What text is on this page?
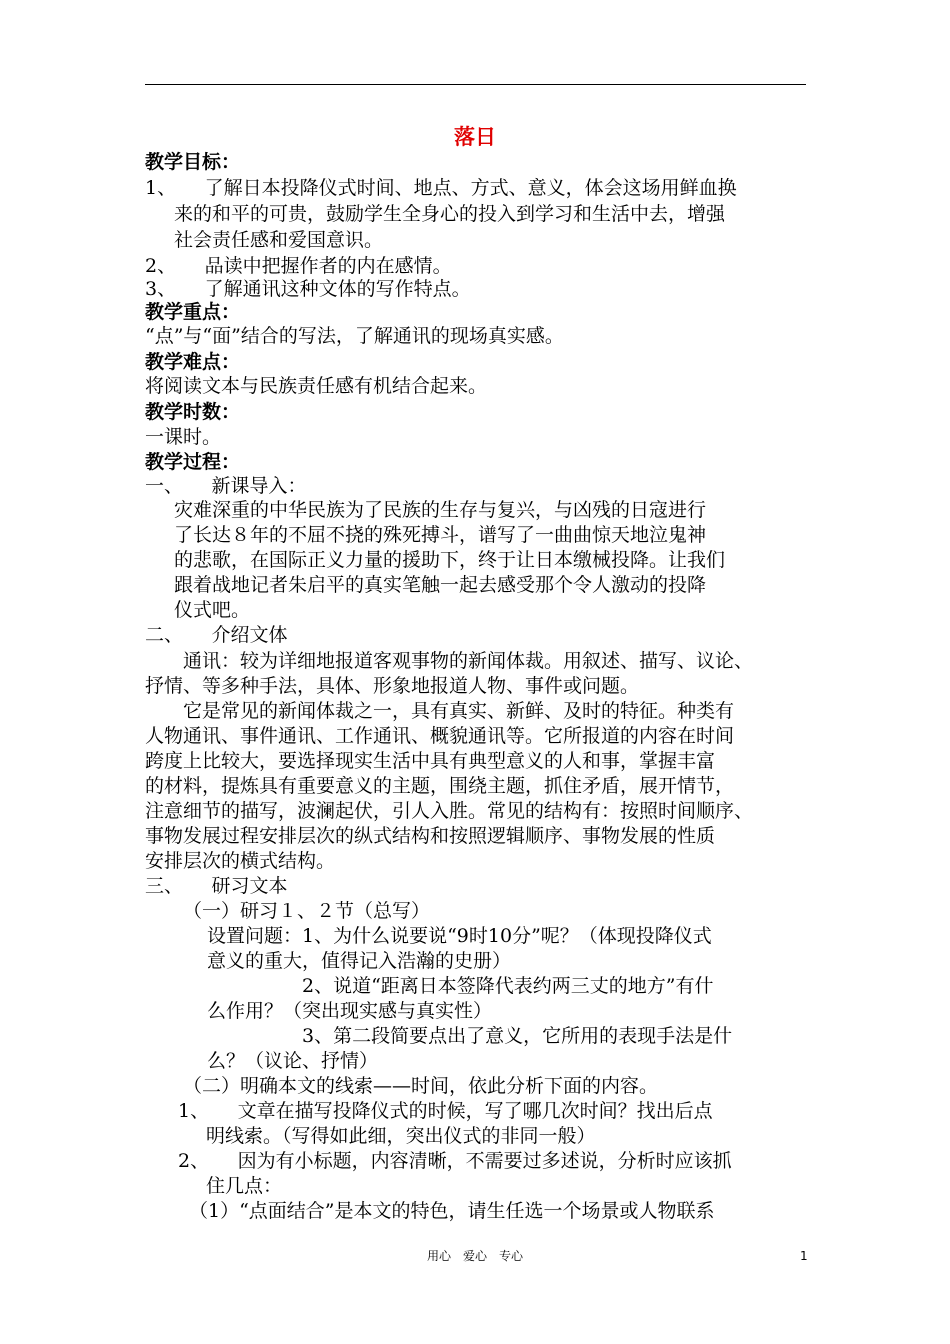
落日
教学目标：
1、　　了解日本投降仪式时间、地点、方式、意义，体会这场用鲜血换
来的和平的可贵，鼓励学生全身心的投入到学习和生活中去，增强
社会责任感和爱国意识。
2、　　品读中把握作者的内在感情。
3、　　了解通讯这种文体的写作特点。
教学重点：
“点”与“面”结合的写法，了解通讯的现场真实感。
教学难点：
将阅读文本与民族责任感有机结合起来。
教学时数：
一课时。
教学过程：
一、　　新课导入：
灾难深重的中华民族为了民族的生存与复兴，与凶残的日寇进行
了长达８年的不屈不挠的殊死搏斗，谱写了一曲曲惊天地泣鬼神
的悲歌，在国际正义力量的援助下，终于让日本缴械投降。让我们
跟着战地记者朱启平的真实笔触一起去感受那个令人激动的投降
仪式吧。
二、　　介绍文体
　　通讯：较为详细地报道客观事物的新闻体裁。用叙述、描写、议论、
抒情、等多种手法，具体、形象地报道人物、事件或问题。
　　它是常见的新闻体裁之一，具有真实、新鲜、及时的特征。种类有
人物通讯、事件通讯、工作通讯、概貌通讯等。它所报道的内容在时间
跨度上比较大，要选择现实生活中具有典型意义的人和事，掌握丰富
的材料，提炼具有重要意义的主题，围绕主题，抓住矛盾，展开情节，
注意细节的描写，波澜起伏，引人入胜。常见的结构有：按照时间顺序、
事物发展过程安排层次的纵式结构和按照逻辑顺序、事物发展的性质
安排层次的横式结构。
三、　　研习文本
（一）研习１、２节（总写）
设置问题：1、为什么说要说“9时10分”呢？（体现投降仪式
意义的重大，值得记入浩瀚的史册）
　　　　　2、说道“距离日本签降代表约两三丈的地方”有什
么作用？（突出现实感与真实性）
　　　　　3、第二段简要点出了意义，它所用的表现手法是什
么？（议论、抒情）
（二）明确本文的线索——时间，依此分析下面的内容。
1、　　文章在描写投降仪式的时候，写了哪几次时间？找出后点
明线索。（写得如此细，突出仪式的非同一般）
2、　　因为有小标题，内容清晰，不需要过多述说，分析时应该抓
住几点：
（1）“点面结合”是本文的特色，请生任选一个场景或人物联系
用心　爱心　专心	1
